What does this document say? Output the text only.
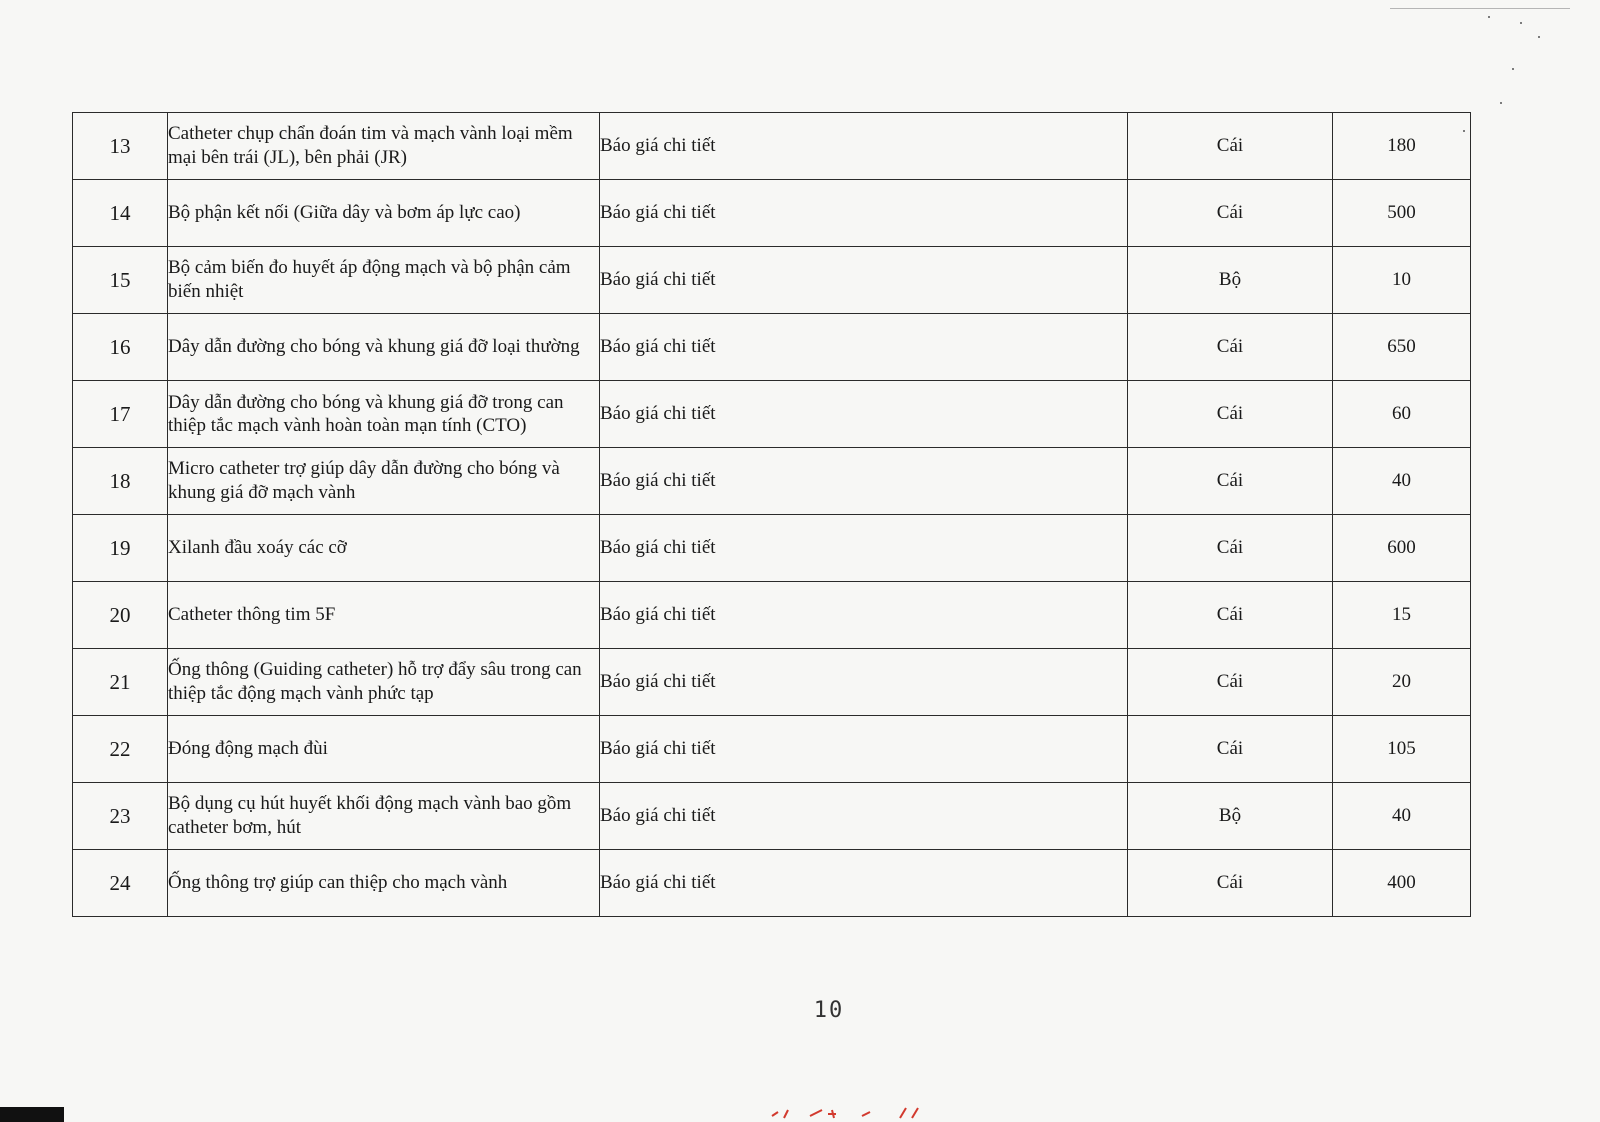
13	Catheter chụp chẩn đoán tim và mạch vành loại mềm mại bên trái (JL), bên phải (JR)	Báo giá chi tiết	Cái	180
14	Bộ phận kết nối (Giữa dây và bơm áp lực cao)	Báo giá chi tiết	Cái	500
15	Bộ cảm biến đo huyết áp động mạch và bộ phận cảm biến nhiệt	Báo giá chi tiết	Bộ	10
16	Dây dẫn đường cho bóng và khung giá đỡ loại thường	Báo giá chi tiết	Cái	650
17	Dây dẫn đường cho bóng và khung giá đỡ trong can thiệp tắc mạch vành hoàn toàn mạn tính (CTO)	Báo giá chi tiết	Cái	60
18	Micro catheter trợ giúp dây dẫn đường cho bóng và khung giá đỡ mạch vành	Báo giá chi tiết	Cái	40
19	Xilanh đầu xoáy các cỡ	Báo giá chi tiết	Cái	600
20	Catheter thông tim 5F	Báo giá chi tiết	Cái	15
21	Ống thông (Guiding catheter) hỗ trợ đẩy sâu trong can thiệp tắc động mạch vành phức tạp	Báo giá chi tiết	Cái	20
22	Đóng động mạch đùi	Báo giá chi tiết	Cái	105
23	Bộ dụng cụ hút huyết khối động mạch vành bao gồm catheter bơm, hút	Báo giá chi tiết	Bộ	40
24	Ống thông trợ giúp can thiệp cho mạch vành	Báo giá chi tiết	Cái	400
10
